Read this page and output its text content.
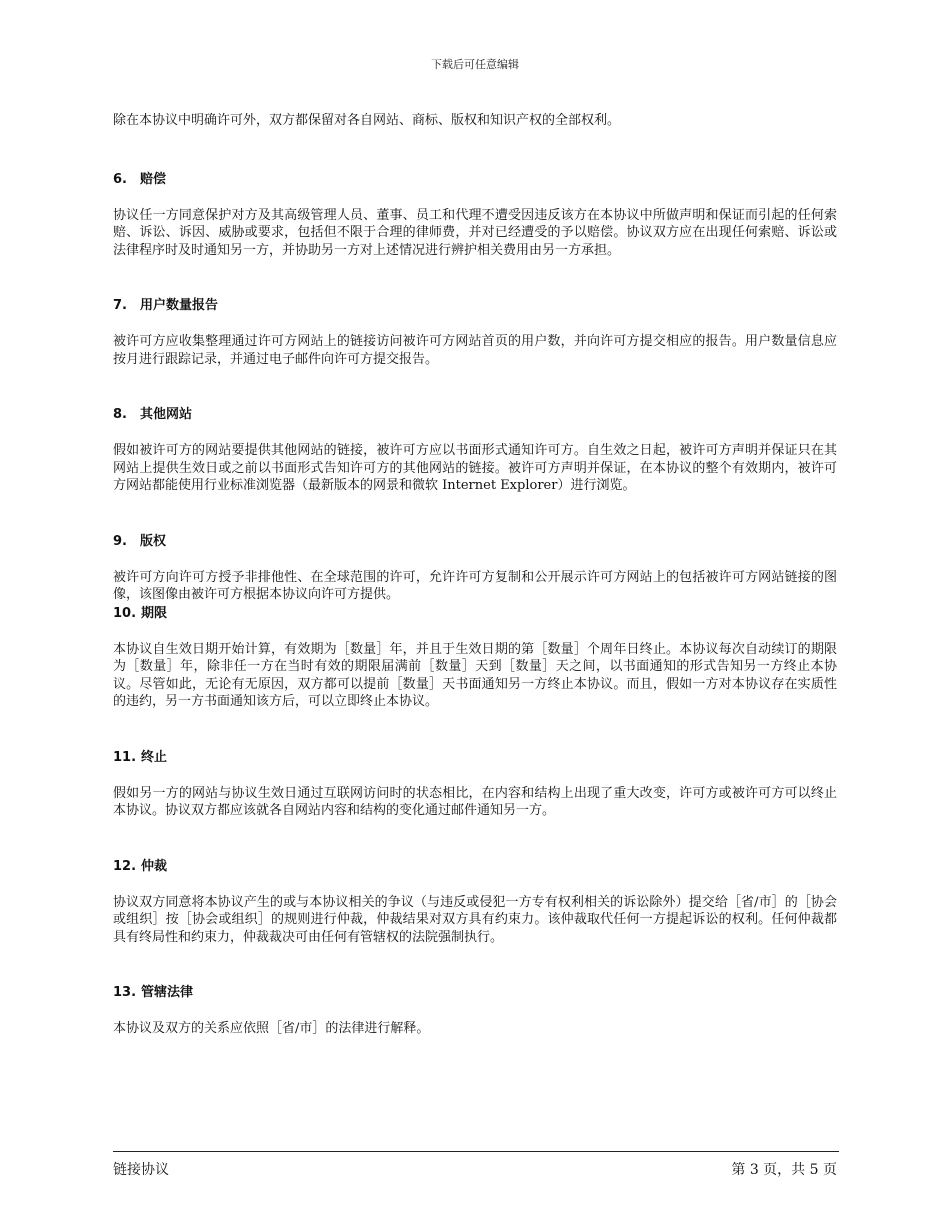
下载后可任意编辑

除在本协议中明确许可外，双方都保留对各自网站、商标、版权和知识产权的全部权利。

6. 赔偿

协议任一方同意保护对方及其高级管理人员、董事、员工和代理不遭受因违反该方在本协议中所做声明和保证而引起的任何索赔、诉讼、诉因、威胁或要求，包括但不限于合理的律师费，并对已经遭受的予以赔偿。协议双方应在出现任何索赔、诉讼或法律程序时及时通知另一方，并协助另一方对上述情况进行辨护相关费用由另一方承担。

7. 用户数量报告

被许可方应收集整理通过许可方网站上的链接访问被许可方网站首页的用户数，并向许可方提交相应的报告。用户数量信息应按月进行跟踪记录，并通过电子邮件向许可方提交报告。

8. 其他网站

假如被许可方的网站要提供其他网站的链接，被许可方应以书面形式通知许可方。自生效之日起，被许可方声明并保证只在其网站上提供生效日或之前以书面形式告知许可方的其他网站的链接。被许可方声明并保证，在本协议的整个有效期内，被许可方网站都能使用行业标准浏览器（最新版本的网景和微软 Internet Explorer）进行浏览。

9. 版权

被许可方向许可方授予非排他性、在全球范围的许可，允许许可方复制和公开展示许可方网站上的包括被许可方网站链接的图像，该图像由被许可方根据本协议向许可方提供。

10. 期限

本协议自生效日期开始计算，有效期为［数量］年，并且于生效日期的第［数量］个周年日终止。本协议每次自动续订的期限为［数量］年，除非任一方在当时有效的期限届满前［数量］天到［数量］天之间，以书面通知的形式告知另一方终止本协议。尽管如此，无论有无原因，双方都可以提前［数量］天书面通知另一方终止本协议。而且，假如一方对本协议存在实质性的违约，另一方书面通知该方后，可以立即终止本协议。

11. 终止

假如另一方的网站与协议生效日通过互联网访问时的状态相比，在内容和结构上出现了重大改变，许可方或被许可方可以终止本协议。协议双方都应该就各自网站内容和结构的变化通过邮件通知另一方。

12. 仲裁

协议双方同意将本协议产生的或与本协议相关的争议（与违反或侵犯一方专有权利相关的诉讼除外）提交给［省/市］的［协会或组织］按［协会或组织］的规则进行仲裁，仲裁结果对双方具有约束力。该仲裁取代任何一方提起诉讼的权利。任何仲裁都具有终局性和约束力，仲裁裁决可由任何有管辖权的法院强制执行。

13. 管辖法律

本协议及双方的关系应依照［省/市］的法律进行解释。

链接协议	第 3 页，共 5 页
